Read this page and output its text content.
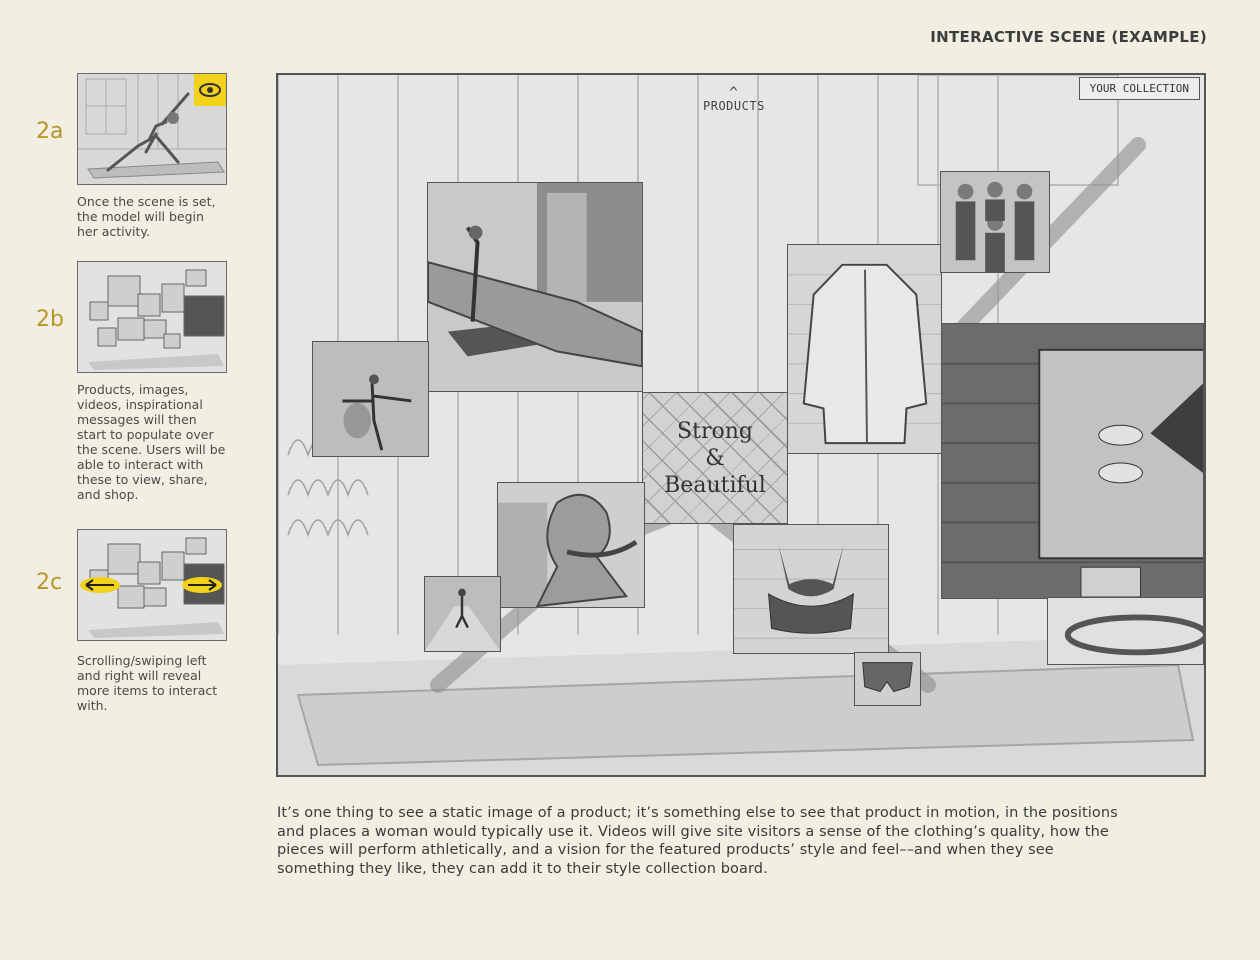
INTERACTIVE SCENE (EXAMPLE)
2a
Once the scene is set,
the model will begin
her activity.
2b
Products, images,
videos, inspirational
messages will then
start to populate over
the scene. Users will be
able to interact with
these to view, share,
and shop.
2c
Scrolling/swiping left
and right will reveal
more items to interact
with.
^
PRODUCTS
YOUR COLLECTION
Strong
&
Beautiful
It’s one thing to see a static image of a product; it’s something else to see that product in motion, in the positions and places a woman would typically use it. Videos will give site visitors a sense of the clothing’s quality, how the pieces will perform athletically, and a vision for the featured products’ style and feel––and when they see something they like, they can add it to their style collection board.
